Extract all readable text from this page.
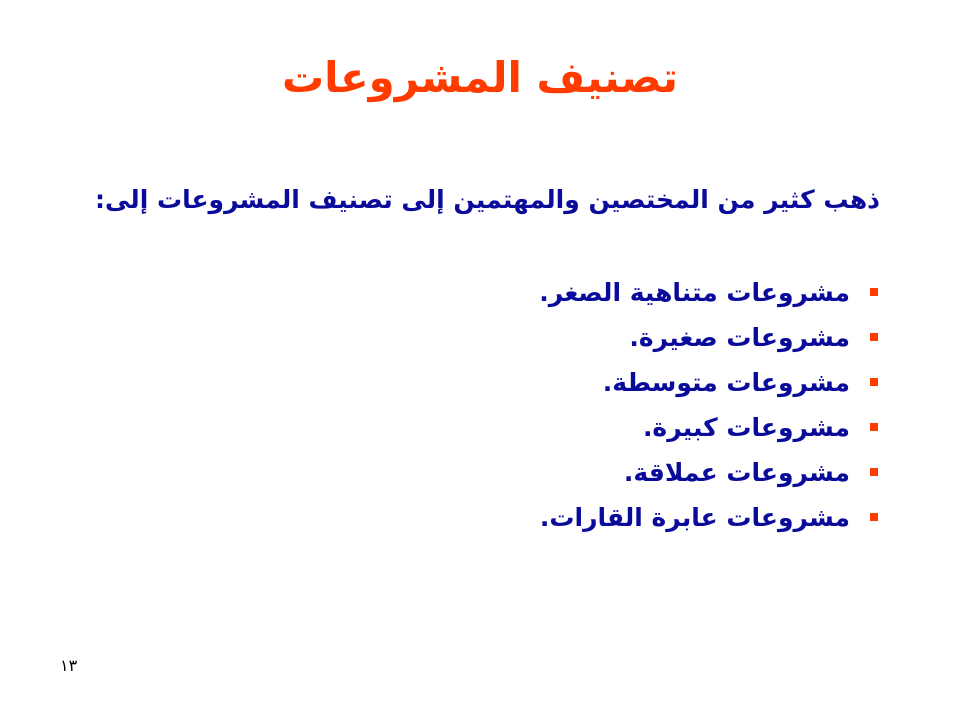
تصنيف المشروعات
ذهب كثير من المختصين والمهتمين إلى تصنيف المشروعات إلى:
مشروعات متناهية الصغر.
مشروعات صغيرة.
مشروعات متوسطة.
مشروعات كبيرة.
مشروعات عملاقة.
مشروعات عابرة القارات.
١٣
